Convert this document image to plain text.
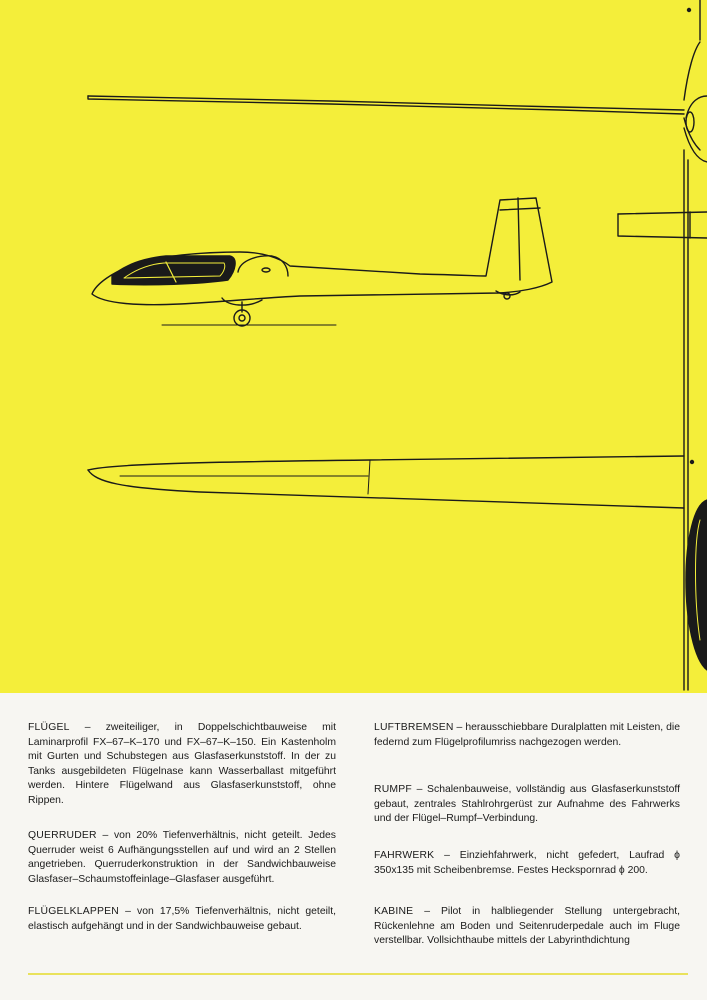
FLÜGEL – zweiteiliger, in Doppelschichtbauweise mit Laminarprofil FX–67–K–170 und FX–67–K–150. Ein Kastenholm mit Gurten und Schubstegen aus Glasfaserkunststoff. In der zu Tanks ausgebildeten Flügelnase kann Wasserballast mitgeführt werden. Hintere Flügelwand aus Glasfaserkunststoff, ohne Rippen.

QUERRUDER – von 20% Tiefenverhältnis, nicht geteilt. Jedes Querruder weist 6 Aufhängungsstellen auf und wird an 2 Stellen angetrieben. Querruderkonstruktion in der Sandwichbauweise Glasfaser–Schaumstoffeinlage–Glasfaser ausgeführt.

FLÜGELKLAPPEN – von 17,5% Tiefenverhältnis, nicht geteilt, elastisch aufgehängt und in der Sandwichbauweise gebaut.

LUFTBREMSEN – herausschiebbare Duralplatten mit Leisten, die federnd zum Flügelprofilumriss nachgezogen werden.

RUMPF – Schalenbauweise, vollständig aus Glasfaserkunststoff gebaut, zentrales Stahlrohrgerüst zur Aufnahme des Fahrwerks und der Flügel–Rumpf–Verbindung.

FAHRWERK – Einziehfahrwerk, nicht gefedert, Laufrad ϕ 350x135 mit Scheibenbremse. Festes Heckspornrad ϕ 200.

KABINE – Pilot in halbliegender Stellung untergebracht, Rückenlehne am Boden und Seitenruderpedale auch im Fluge verstellbar. Vollsichthaube mittels der Labyrinthdichtung
